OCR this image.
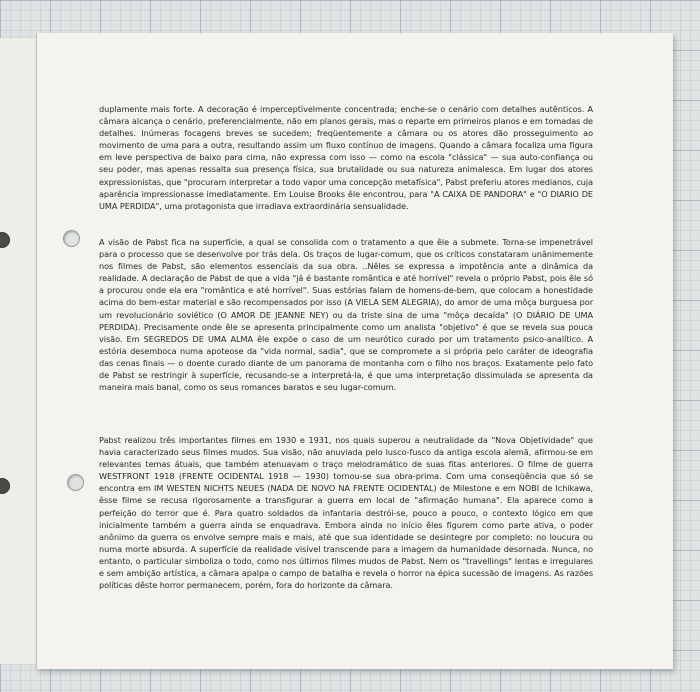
duplamente mais forte. A decoração é imperceptìvelmente concentrada; enche-se o cenário com detalhes autênticos. A câmara alcança o cenário, preferencialmente, não em planos gerais, mas o reparte em primeiros planos e em tomadas de detalhes. Inúmeras focagens breves se sucedem; freqüentemente a câmara ou os atores dão prosseguimento ao movimento de uma para a outra, resultando assim um fluxo contínuo de imagens. Quando a câmara focaliza uma figura em leve perspectiva de baixo para cima, não expressa com isso — como na escola "clássica" — sua auto-confiança ou seu poder, mas apenas ressalta sua presença física, sua brutalidade ou sua natureza animalesca. Em lugar dos atores expressionistas, que "procuram interpretar a todo vapor uma concepção metafísica", Pabst preferiu atores medianos, cuja aparência impressionasse imediatamente. Em Louise Brooks êle encontrou, para "A CAIXA DE PANDORA" e "O DIARIO DE UMA PERDIDA", uma protagonista que irradiava extraordinária sensualidade.
A visão de Pabst fica na superfície, a qual se consolida com o tratamento a que êle a submete. Torna-se impenetrável para o processo que se desenvolve por trás dela. Os traços de lugar-comum, que os críticos constataram unânimemente nos filmes de Pabst, são elementos essenciais da sua obra. ..Nêles se expressa a impotência ante a dinâmica da realidade. A declaração de Pabst de que a vida "já é bastante romântica e até horrível" revela o próprio Pabst, pois êle só a procurou onde ela era "romântica e até horrível". Suas estórias falam de homens-de-bem, que colocam a honestidade acima do bem-estar material e são recompensados por isso (A VIELA SEM ALEGRIA), do amor de uma môça burguesa por um revolucionário soviético (O AMOR DE JEANNE NEY) ou da triste sina de uma "môça decaída" (O DIÁRIO DE UMA PERDIDA). Precisamente onde êle se apresenta principalmente como um analista "objetivo" é que se revela sua pouca visão. Em SEGREDOS DE UMA ALMA êle expõe o caso de um neurótico curado por um tratamento psico-analítico. A estória desemboca numa apoteose da "vida normal, sadia", que se compromete a si própria pelo caráter de ideografia das cenas finais — o doente curado diante de um panorama de montanha com o filho nos braços. Exatamente pelo fato de Pabst se restringir à superfície, recusando-se a interpretá-la, é que uma interpretação dissimulada se apresenta da maneira mais banal, como os seus romances baratos e seu lugar-comum.
Pabst realizou três importantes filmes em 1930 e 1931, nos quais superou a neutralidade da "Nova Objetividade" que havia caracterizado seus filmes mudos. Sua visão, não anuviada pelo lusco-fusco da antiga escola alemã, afirmou-se em relevantes temas átuais, que também atenuavam o traço melodramático de suas fitas anteriores. O filme de guerra WESTFRONT 1918 (FRENTE OCIDENTAL 1918 — 1930) tornou-se sua obra-prima. Com uma conseqüência que só se encontra em IM WESTEN NICHTS NEUES (NADA DE NOVO NA FRENTE OCIDENTAL) de Milestone e em NOBI de Ichikawa, êsse filme se recusa rigorosamente a transfigurar a guerra em local de "afirmação humana". Ela aparece como a perfeição do terror que é. Para quatro soldados da infantaria destrói-se, pouco a pouco, o contexto lógico em que inicialmente também a guerra ainda se enquadrava. Embora ainda no início êles figurem como parte ativa, o poder anônimo da guerra os envolve sempre mais e mais, até que sua identidade se desintegre por completo: no loucura ou numa morte absurda. A superfície da realidade visível transcende para a imagem da humanidade desornada. Nunca, no entanto, o particular simboliza o todo, como nos últimos filmes mudos de Pabst. Nem os "travellings" lentas e irregulares e sem ambição artística, a câmara apalpa o campo de batalha e revela o horror na épica sucessão de imagens. As razões políticas dêste horror permanecem, porém, fora do horizonte da câmara.
